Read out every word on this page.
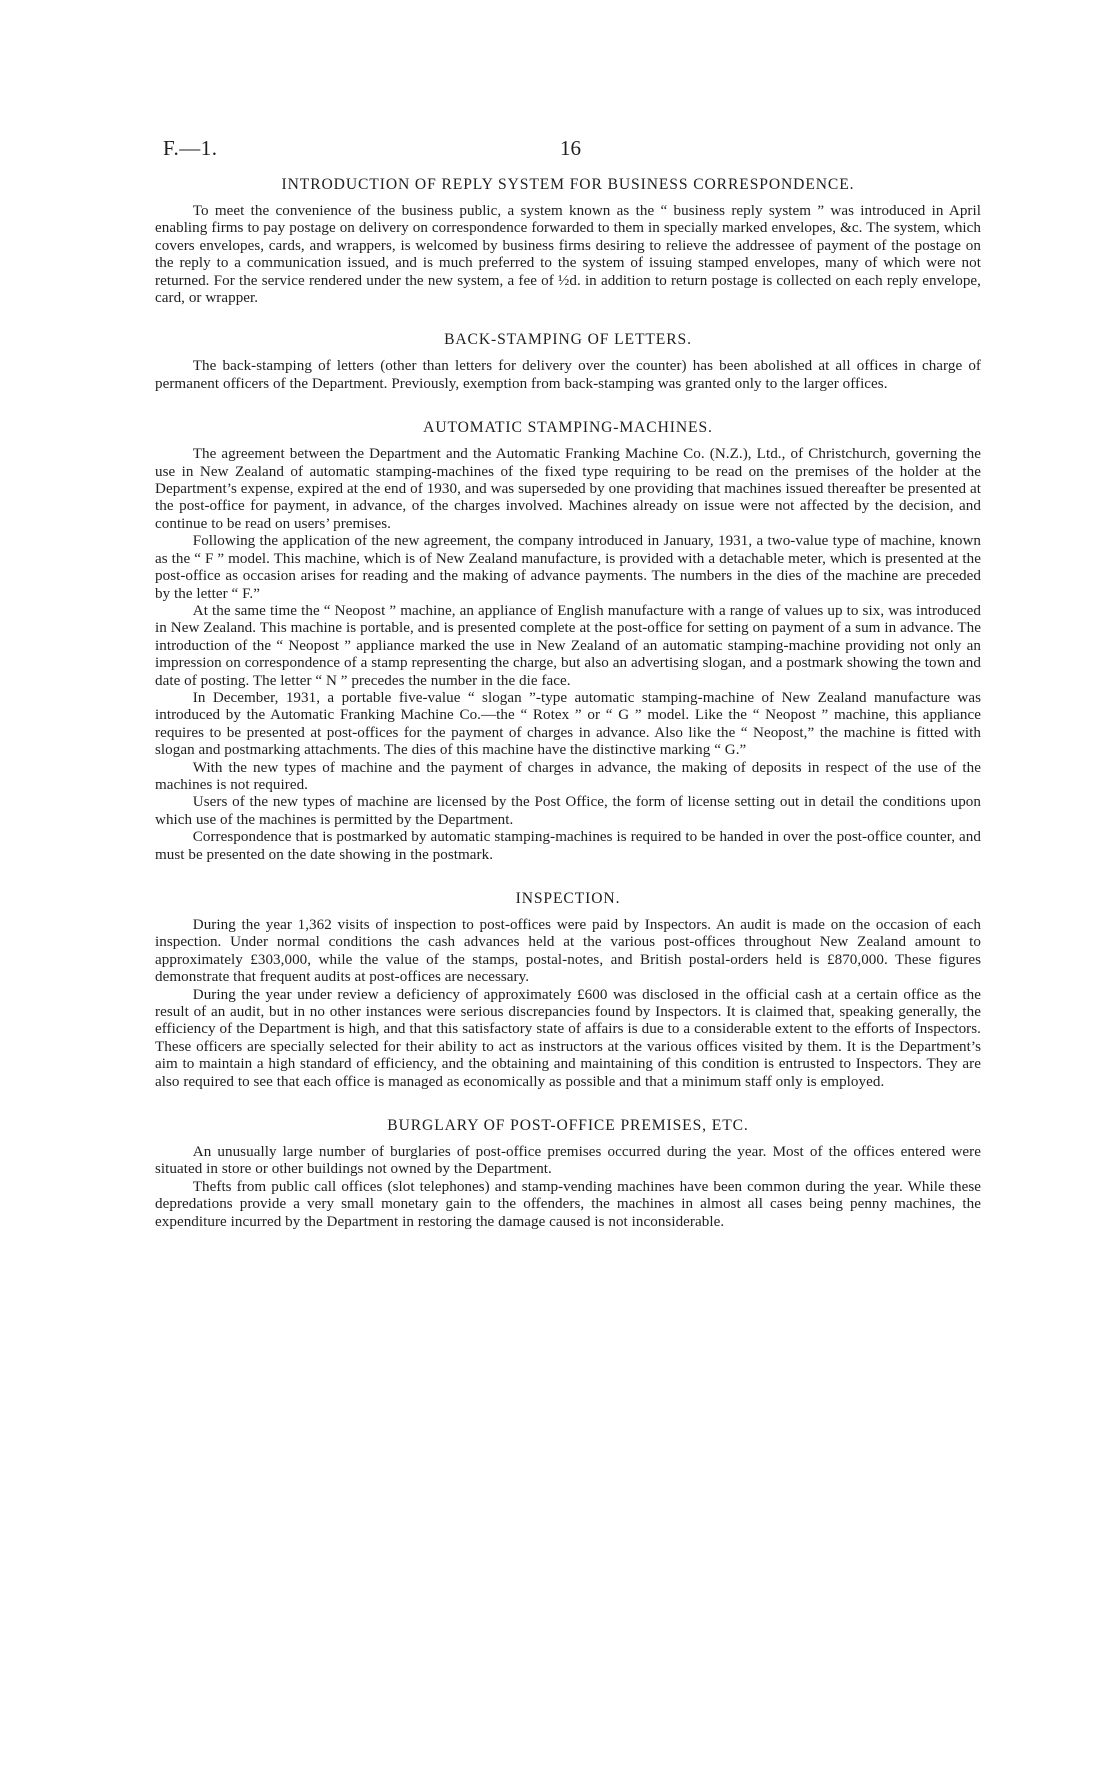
F.—1.	16
INTRODUCTION OF REPLY SYSTEM FOR BUSINESS CORRESPONDENCE.

To meet the convenience of the business public, a system known as the “ business reply system ” was introduced in April enabling firms to pay postage on delivery on correspondence forwarded to them in specially marked envelopes, &c. The system, which covers envelopes, cards, and wrappers, is welcomed by business firms desiring to relieve the addressee of payment of the postage on the reply to a communication issued, and is much preferred to the system of issuing stamped envelopes, many of which were not returned. For the service rendered under the new system, a fee of ½d. in addition to return postage is collected on each reply envelope, card, or wrapper.

BACK-STAMPING OF LETTERS.

The back-stamping of letters (other than letters for delivery over the counter) has been abolished at all offices in charge of permanent officers of the Department. Previously, exemption from back-stamping was granted only to the larger offices.

AUTOMATIC STAMPING-MACHINES.

The agreement between the Department and the Automatic Franking Machine Co. (N.Z.), Ltd., of Christchurch, governing the use in New Zealand of automatic stamping-machines of the fixed type requiring to be read on the premises of the holder at the Department’s expense, expired at the end of 1930, and was superseded by one providing that machines issued thereafter be presented at the post-office for payment, in advance, of the charges involved. Machines already on issue were not affected by the decision, and continue to be read on users’ premises.

Following the application of the new agreement, the company introduced in January, 1931, a two-value type of machine, known as the “ F ” model. This machine, which is of New Zealand manufacture, is provided with a detachable meter, which is presented at the post-office as occasion arises for reading and the making of advance payments. The numbers in the dies of the machine are preceded by the letter “ F.”

At the same time the “ Neopost ” machine, an appliance of English manufacture with a range of values up to six, was introduced in New Zealand. This machine is portable, and is presented complete at the post-office for setting on payment of a sum in advance. The introduction of the “ Neopost ” appliance marked the use in New Zealand of an automatic stamping-machine providing not only an impression on correspondence of a stamp representing the charge, but also an advertising slogan, and a postmark showing the town and date of posting. The letter “ N ” precedes the number in the die face.

In December, 1931, a portable five-value “ slogan ”-type automatic stamping-machine of New Zealand manufacture was introduced by the Automatic Franking Machine Co.—the “ Rotex ” or “ G ” model. Like the “ Neopost ” machine, this appliance requires to be presented at post-offices for the payment of charges in advance. Also like the “ Neopost,” the machine is fitted with slogan and postmarking attachments. The dies of this machine have the distinctive marking “ G.”

With the new types of machine and the payment of charges in advance, the making of deposits in respect of the use of the machines is not required.

Users of the new types of machine are licensed by the Post Office, the form of license setting out in detail the conditions upon which use of the machines is permitted by the Department.

Correspondence that is postmarked by automatic stamping-machines is required to be handed in over the post-office counter, and must be presented on the date showing in the postmark.

INSPECTION.

During the year 1,362 visits of inspection to post-offices were paid by Inspectors. An audit is made on the occasion of each inspection. Under normal conditions the cash advances held at the various post-offices throughout New Zealand amount to approximately £303,000, while the value of the stamps, postal-notes, and British postal-orders held is £870,000. These figures demonstrate that frequent audits at post-offices are necessary.

During the year under review a deficiency of approximately £600 was disclosed in the official cash at a certain office as the result of an audit, but in no other instances were serious discrepancies found by Inspectors. It is claimed that, speaking generally, the efficiency of the Department is high, and that this satisfactory state of affairs is due to a considerable extent to the efforts of Inspectors. These officers are specially selected for their ability to act as instructors at the various offices visited by them. It is the Department’s aim to maintain a high standard of efficiency, and the obtaining and maintaining of this condition is entrusted to Inspectors. They are also required to see that each office is managed as economically as possible and that a minimum staff only is employed.

BURGLARY OF POST-OFFICE PREMISES, ETC.

An unusually large number of burglaries of post-office premises occurred during the year. Most of the offices entered were situated in store or other buildings not owned by the Department.

Thefts from public call offices (slot telephones) and stamp-vending machines have been common during the year. While these depredations provide a very small monetary gain to the offenders, the machines in almost all cases being penny machines, the expenditure incurred by the Department in restoring the damage caused is not inconsiderable.
